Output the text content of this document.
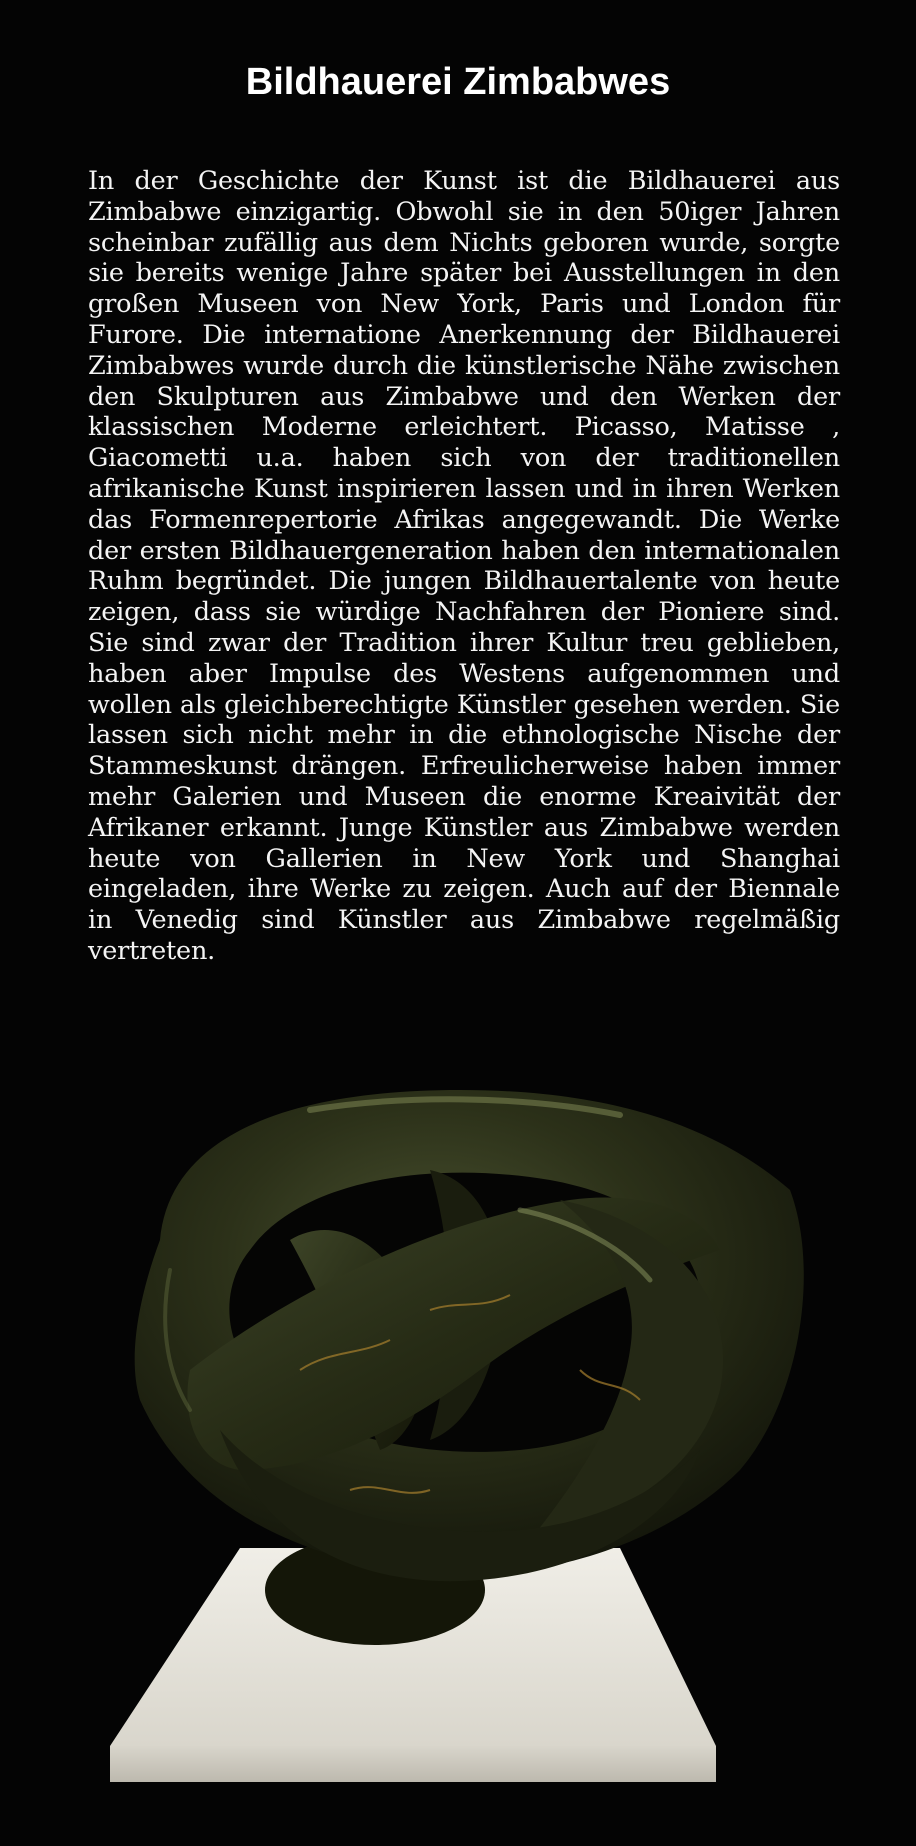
Bildhauerei Zimbabwes

In der Geschichte der Kunst ist die Bildhauerei aus Zimbabwe einzigartig. Obwohl sie in den 50iger Jahren scheinbar zufällig aus dem Nichts geboren wurde, sorgte sie bereits wenige Jahre später bei Ausstellungen in den großen Museen von New York, Paris und London für Furore. Die internatione Anerkennung der Bildhauerei Zimbabwes wurde durch die künstlerische Nähe zwischen den Skulpturen aus Zimbabwe und den Werken der klassischen Moderne erleichtert. Picasso, Matisse , Giacometti u.a. haben sich von der traditionellen afrikanische Kunst inspirieren lassen und in ihren Werken das Formenrepertorie Afrikas angegewandt. Die Werke der ersten Bildhauergeneration haben den internationalen Ruhm begründet. Die jungen Bildhauertalente von heute zeigen, dass sie würdige Nachfahren der Pioniere sind. Sie sind zwar der Tradition ihrer Kultur treu geblieben, haben aber Impulse des Westens aufgenommen und wollen als gleichberechtigte Künstler gesehen werden. Sie lassen sich nicht mehr in die ethnologische Nische der Stammeskunst drängen. Erfreulicherweise haben immer mehr Galerien und Museen die enorme Kreaivität der Afrikaner erkannt. Junge Künstler aus Zimbabwe werden heute von Gallerien in New York und Shanghai eingeladen, ihre Werke zu zeigen. Auch auf der Biennale in Venedig sind Künstler aus Zimbabwe regelmäßig vertreten.
